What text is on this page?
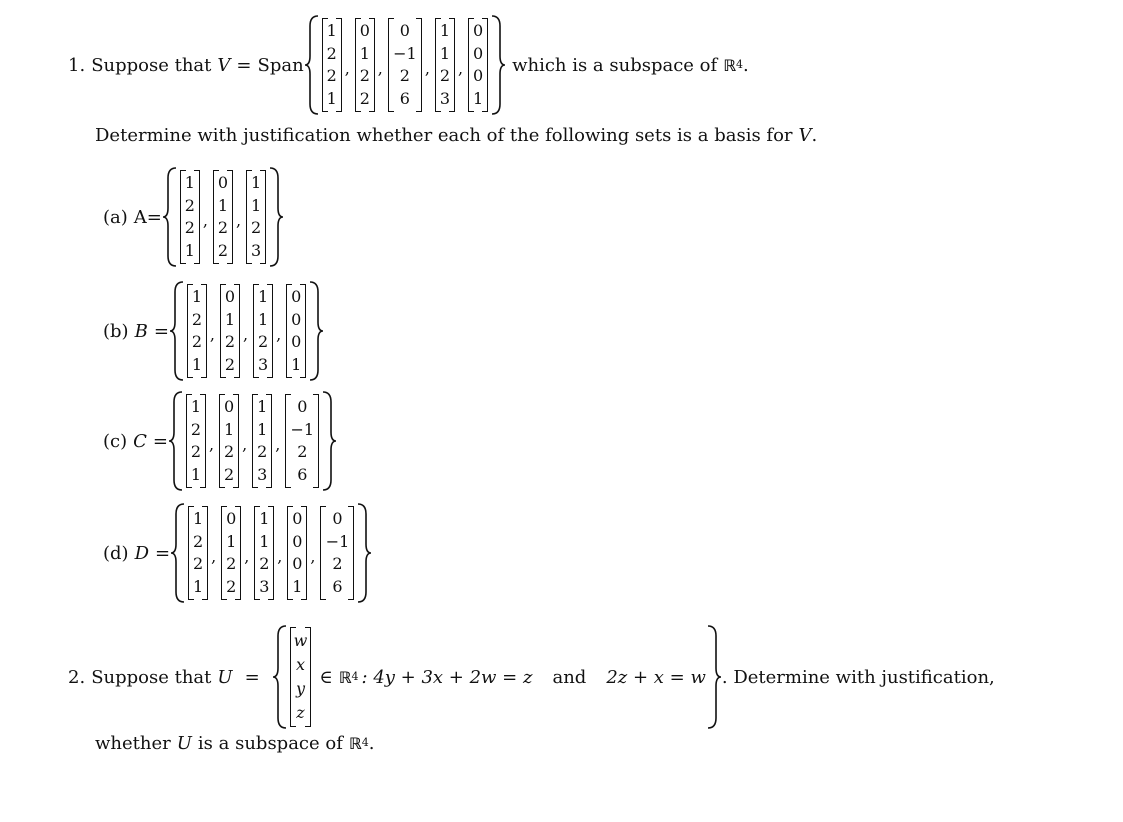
1. Suppose that V = Span
1
2
2
1
,
0
1
2
2
,
0
−1
2
6
,
1
1
2
3
,
0
0
0
1
which is a subspace of ℝ 4 .
Determine with justification whether each of the following sets is a basis for V .
(a) A =
1
2
2
1
,
0
1
2
2
,
1
1
2
3
(b) B =
1
2
2
1
,
0
1
2
2
,
1
1
2
3
,
0
0
0
1
(c) C =
1
2
2
1
,
0
1
2
2
,
1
1
2
3
,
0
−1
2
6
(d) D =
1
2
2
1
,
0
1
2
2
,
1
1
2
3
,
0
0
0
1
,
0
−1
2
6
2. Suppose that U =
w
x
y
z
∈ ℝ 4 : 4y + 3x + 2w = z and 2z + x = w . Determine with justification,
whether U is a subspace of ℝ 4 .
